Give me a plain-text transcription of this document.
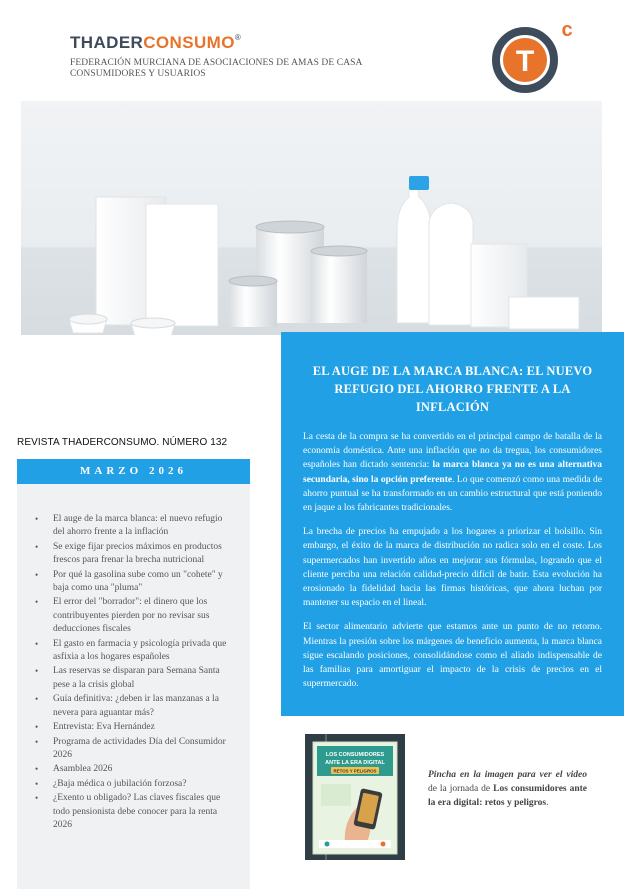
THADERCONSUMO®
FEDERACIÓN MURCIANA DE ASOCIACIONES DE AMAS DE CASA
CONSUMIDORES Y USUARIOS	T
c
EL AUGE DE LA MARCA BLANCA: EL NUEVO REFUGIO DEL AHORRO FRENTE A LA INFLACIÓN
La cesta de la compra se ha convertido en el principal campo de batalla de la economía doméstica. Ante una inflación que no da tregua, los consumidores españoles han dictado sentencia: la marca blanca ya no es una alternativa secundaria, sino la opción preferente. Lo que comenzó como una medida de ahorro puntual se ha transformado en un cambio estructural que está poniendo en jaque a los fabricantes tradicionales.
La brecha de precios ha empujado a los hogares a priorizar el bolsillo. Sin embargo, el éxito de la marca de distribución no radica solo en el coste. Los supermercados han invertido años en mejorar sus fórmulas, logrando que el cliente perciba una relación calidad-precio difícil de batir. Esta evolución ha erosionado la fidelidad hacia las firmas históricas, que ahora luchan por mantener su espacio en el lineal.
El sector alimentario advierte que estamos ante un punto de no retorno. Mientras la presión sobre los márgenes de beneficio aumenta, la marca blanca sigue escalando posiciones, consolidándose como el aliado indispensable de las familias para amortiguar el impacto de la crisis de precios en el supermercado.
REVISTA THADERCONSUMO. NÚMERO 132
MARZO 2026
• El auge de la marca blanca: el nuevo refugio del ahorro frente a la inflación
• Se exige fijar precios máximos en productos frescos para frenar la brecha nutricional
• Por qué la gasolina sube como un "cohete" y baja como una "pluma"
• El error del "borrador": el dinero que los contribuyentes pierden por no revisar sus deducciones fiscales
• El gasto en farmacia y psicología privada que asfixia a los hogares españoles
• Las reservas se disparan para Semana Santa pese a la crisis global
• Guía definitiva: ¿deben ir las manzanas a la nevera para aguantar más?
• Entrevista: Eva Hernández
• Programa de actividades Día del Consumidor 2026
• Asamblea 2026
• ¿Baja médica o jubilación forzosa?
• ¿Exento u obligado? Las claves fiscales que todo pensionista debe conocer para la renta 2026
LOS CONSUMIDORES
ANTE LA ERA DIGITAL
RETOS Y PELIGROS	Pincha en la imagen para ver el video de la jornada de Los consumidores ante la era digital: retos y peligros.
